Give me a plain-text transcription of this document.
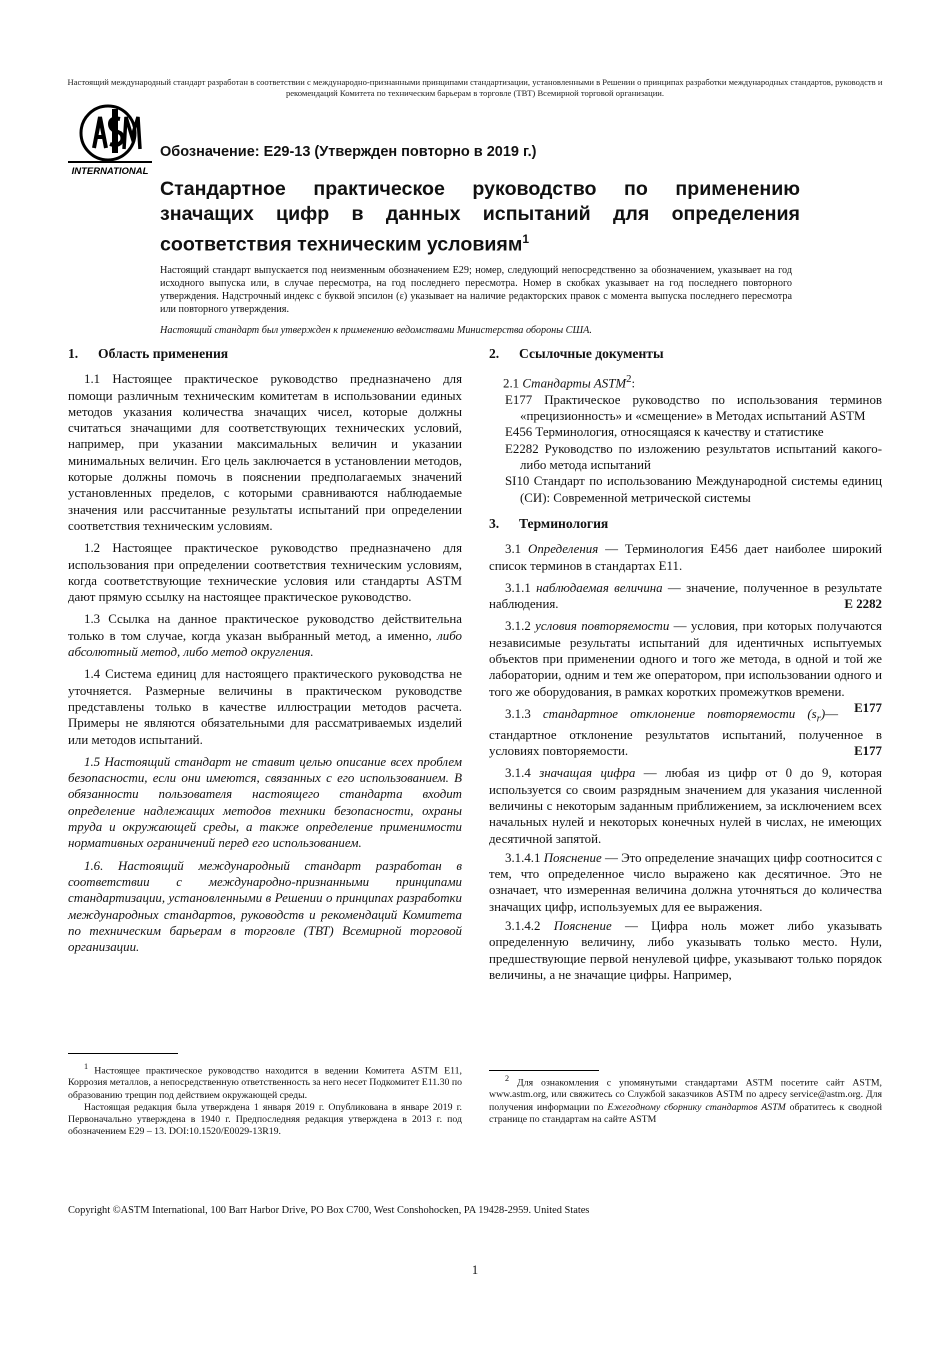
Настоящий международный стандарт разработан в соответствии с международно-признанными принципами стандартизации, установленными в Решении о принципах разработки международных стандартов, руководств и рекомендаций Комитета по техническим барьерам в торговле (ТВТ) Всемирной торговой организации.
INTERNATIONAL
Обозначение: E29-13 (Утвержден повторно в 2019 г.)
Стандартное практическое руководство по применению значащих цифр в данных испытаний для определения соответствия техническим условиям$^1$
Настоящий стандарт выпускается под неизменным обозначением E29; номер, следующий непосредственно за обозначением, указывает на год исходного выпуска или, в случае пересмотра, на год последнего пересмотра. Номер в скобках указывает на год последнего повторного утверждения. Надстрочный индекс с буквой эпсилон (ε) указывает на наличие редакторских правок с момента выпуска последнего пересмотра или повторного утверждения.
Настоящий стандарт был утвержден к применению ведомствами Министерства обороны США.

1. Область применения

1.1 Настоящее практическое руководство предназначено для помощи различным техническим комитетам в использовании единых методов указания количества значащих чисел, которые должны считаться значащими для соответствующих технических условий, например, при указании максимальных величин и указании минимальных величин. Его цель заключается в установлении методов, которые должны помочь в пояснении предполагаемых значений установленных пределов, с которыми сравниваются наблюдаемые значения или рассчитанные результаты испытаний при определении соответствия техническим условиям.

1.2 Настоящее практическое руководство предназначено для использования при определении соответствия техническим условиям, когда соответствующие технические условия или стандарты ASTM дают прямую ссылку на настоящее практическое руководство.

1.3 Ссылка на данное практическое руководство действительна только в том случае, когда указан выбранный метод, а именно, либо абсолютный метод, либо метод округления.

1.4 Система единиц для настоящего практического руководства не уточняется. Размерные величины в практическом руководстве представлены только в качестве иллюстрации методов расчета. Примеры не являются обязательными для рассматриваемых изделий или методов испытаний.

1.5 Настоящий стандарт не ставит целью описание всех проблем безопасности, если они имеются, связанных с его использованием. В обязанности пользователя настоящего стандарта входит определение надлежащих методов техники безопасности, охраны труда и окружающей среды, а также определение применимости нормативных ограничений перед его использованием.

1.6. Настоящий международный стандарт разработан в соответствии с международно-признанными принципами стандартизации, установленными в Решении о принципах разработки международных стандартов, руководств и рекомендаций Комитета по техническим барьерам в торговле (ТВТ) Всемирной торговой организации.

$^1$ Настоящее практическое руководство находится в ведении Комитета ASTM E11, Коррозия металлов, а непосредственную ответственность за него несет Подкомитет E11.30 по образованию трещин под действием окружающей среды.

Настоящая редакция была утверждена 1 января 2019 г. Опубликована в январе 2019 г. Первоначально утверждена в 1940 г. Предпоследняя редакция утверждена в 2013 г. под обозначением E29 – 13. DOI:10.1520/E0029-13R19.

2. Ссылочные документы

2.1 Стандарты ASTM$^2$:

E177 Практическое руководство по использования терминов «прецизионность» и «смещение» в Методах испытаний ASTM

E456 Терминология, относящаяся к качеству и статистике

E2282 Руководство по изложению результатов испытаний какого-либо метода испытаний

SI10 Стандарт по использованию Международной системы единиц (СИ): Современной метрической системы

3. Терминология

3.1 Определения — Терминология E456 дает наиболее широкий список терминов в стандартах E11.

3.1.1 наблюдаемая величина — значение, полученное в результате наблюдения.	E 2282

3.1.2 условия повторяемости — условия, при которых получаются независимые результаты испытаний для идентичных испытуемых объектов при применении одного и того же метода, в одной и той же лаборатории, одним и тем же оператором, при использовании одного и того же оборудования, в рамках коротких промежутков времени.
E177

3.1.3 стандартное отклонение повторяемости $(s_r)—$ стандартное отклонение результатов испытаний, полученное в условиях повторяемости.	E177

3.1.4 значащая цифра — любая из цифр от 0 до 9, которая используется со своим разрядным значением для указания численной величины с некоторым заданным приближением, за исключением всех начальных нулей и некоторых конечных нулей в числах, не имеющих десятичной запятой.

3.1.4.1 Пояснение — Это определение значащих цифр соотносится с тем, что определенное число выражено как десятичное. Это не означает, что измеренная величина должна уточняться до количества значащих цифр, используемых для ее выражения.

3.1.4.2 Пояснение — Цифра ноль может либо указывать определенную величину, либо указывать только место. Нули, предшествующие первой ненулевой цифре, указывают только порядок величины, а не значащие цифры. Например,

$^2$ Для ознакомления с упомянутыми стандартами ASTM посетите сайт ASTM, www.astm.org, или свяжитесь со Службой заказчиков ASTM по адресу service@astm.org. Для получения информации по Ежегодному сборнику стандартов ASTM обратитесь к сводной странице по стандартам на сайте ASTM

Copyright ©ASTM International, 100 Barr Harbor Drive, PO Box C700, West Conshohocken, PA 19428-2959. United States
1
